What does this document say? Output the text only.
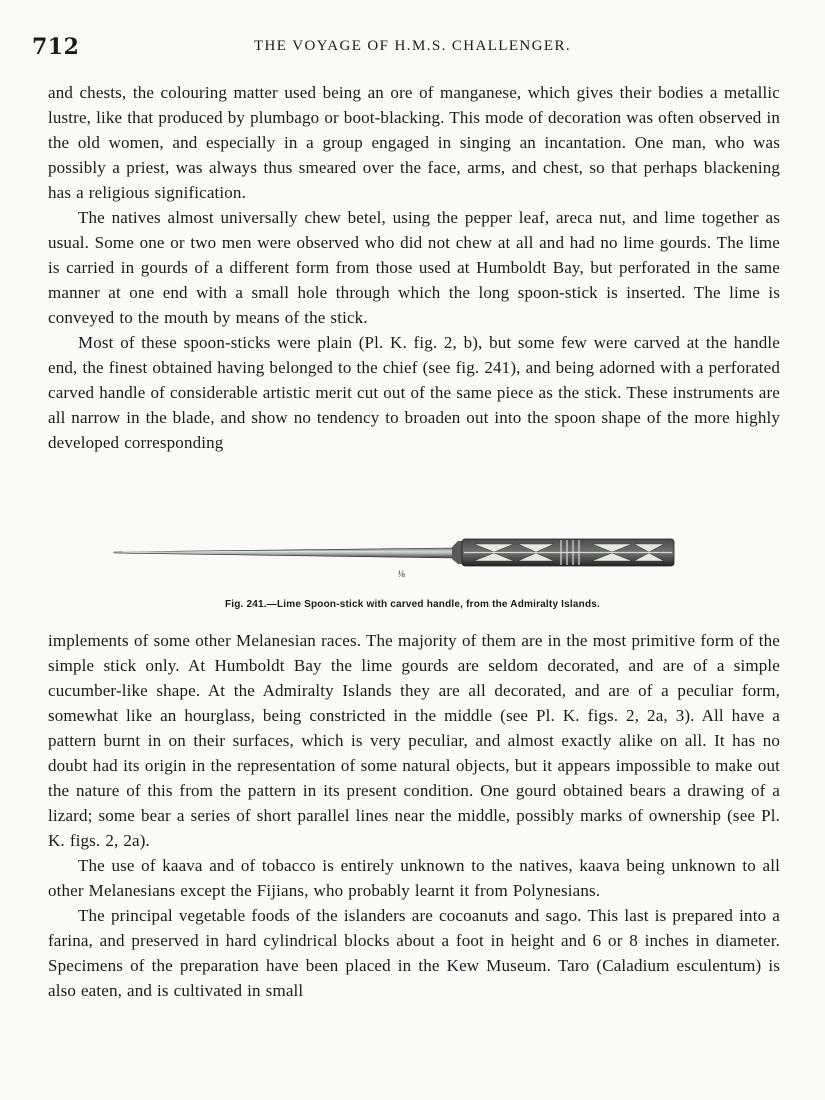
712	THE VOYAGE OF H.M.S. CHALLENGER.

and chests, the colouring matter used being an ore of manganese, which gives their bodies a metallic lustre, like that produced by plumbago or boot-blacking. This mode of decoration was often observed in the old women, and especially in a group engaged in singing an incantation. One man, who was possibly a priest, was always thus smeared over the face, arms, and chest, so that perhaps blackening has a religious signification.

The natives almost universally chew betel, using the pepper leaf, areca nut, and lime together as usual. Some one or two men were observed who did not chew at all and had no lime gourds. The lime is carried in gourds of a different form from those used at Humboldt Bay, but perforated in the same manner at one end with a small hole through which the long spoon-stick is inserted. The lime is conveyed to the mouth by means of the stick.

Most of these spoon-sticks were plain (Pl. K. fig. 2, b), but some few were carved at the handle end, the finest obtained having belonged to the chief (see fig. 241), and being adorned with a perforated carved handle of considerable artistic merit cut out of the same piece as the stick. These instruments are all narrow in the blade, and show no tendency to broaden out into the spoon shape of the more highly developed corresponding

⅛
Fig. 241.—Lime Spoon-stick with carved handle, from the Admiralty Islands.

implements of some other Melanesian races. The majority of them are in the most primitive form of the simple stick only. At Humboldt Bay the lime gourds are seldom decorated, and are of a simple cucumber-like shape. At the Admiralty Islands they are all decorated, and are of a peculiar form, somewhat like an hourglass, being constricted in the middle (see Pl. K. figs. 2, 2a, 3). All have a pattern burnt in on their surfaces, which is very peculiar, and almost exactly alike on all. It has no doubt had its origin in the representation of some natural objects, but it appears impossible to make out the nature of this from the pattern in its present condition. One gourd obtained bears a drawing of a lizard; some bear a series of short parallel lines near the middle, possibly marks of ownership (see Pl. K. figs. 2, 2a).

The use of kaava and of tobacco is entirely unknown to the natives, kaava being unknown to all other Melanesians except the Fijians, who probably learnt it from Polynesians.

The principal vegetable foods of the islanders are cocoanuts and sago. This last is prepared into a farina, and preserved in hard cylindrical blocks about a foot in height and 6 or 8 inches in diameter. Specimens of the preparation have been placed in the Kew Museum. Taro (Caladium esculentum) is also eaten, and is cultivated in small
